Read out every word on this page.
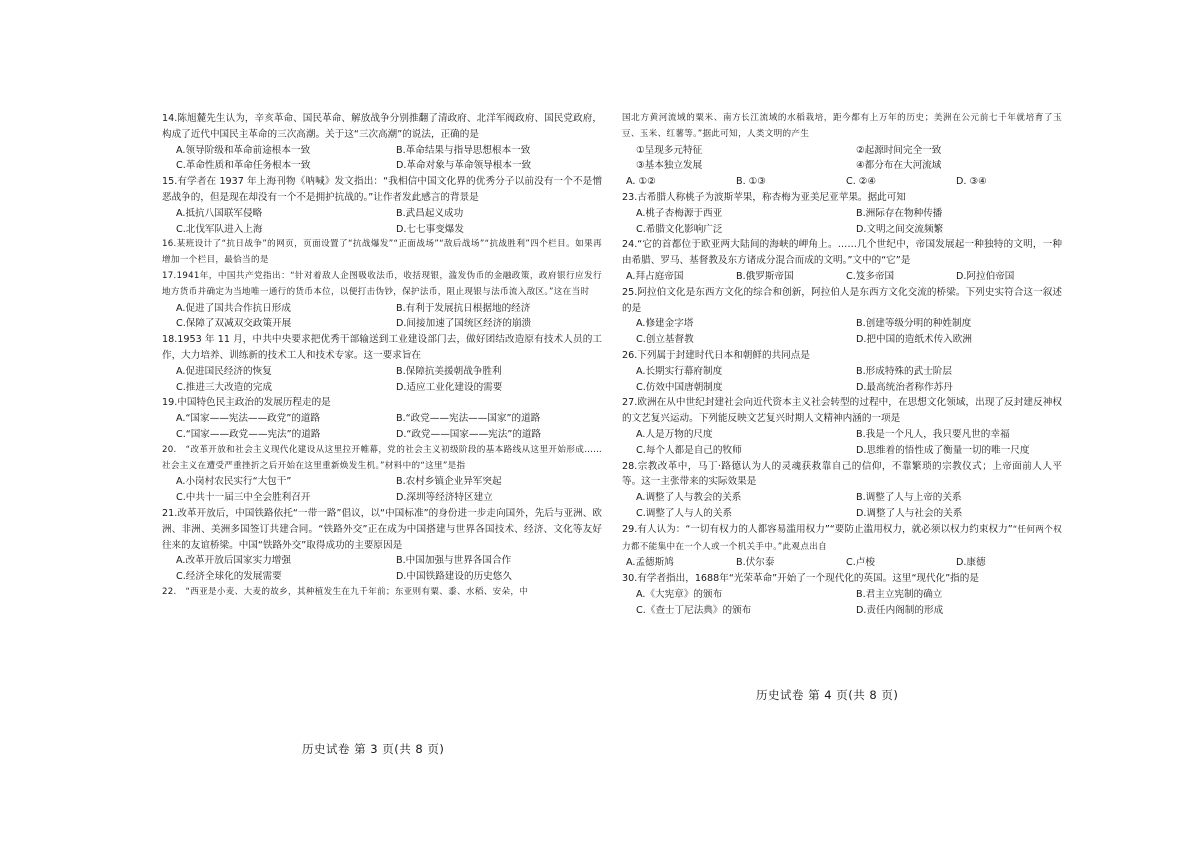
14.陈旭麓先生认为，辛亥革命、国民革命、解放战争分别推翻了清政府、北洋军阀政府、国民党政府，构成了近代中国民主革命的三次高潮。关于这“三次高潮”的说法，正确的是
A.领导阶级和革命前途根本一致	B.革命结果与指导思想根本一致
C.革命性质和革命任务根本一致	D.革命对象与革命领导根本一致
15.有学者在 1937 年上海刊物《呐喊》发文指出：“我相信中国文化界的优秀分子以前没有一个不是憎恶战争的，但是现在却没有一个不是拥护抗战的。”让作者发此感言的背景是
A.抵抗八国联军侵略	B.武昌起义成功
C.北伐军队进入上海	D.七七事变爆发
16.某班设计了“抗日战争”的网页，页面设置了“抗战爆发”“正面战场”“敌后战场”“抗战胜利”四个栏目。如果再增加一个栏目，最恰当的是
17.1941年，中国共产党指出：“针对着敌人企图吸收法币，收括现银，滥发伪币的金融政策，政府银行应发行地方货币并确定为当地唯一通行的货币本位，以便打击伪钞，保护法币，阻止现银与法币流入敌区。”这在当时
A.促进了国共合作抗日形成	B.有利于发展抗日根据地的经济
C.保障了双减双交政策开展	D.间接加速了国统区经济的崩溃
18.1953 年 11 月，中共中央要求把优秀干部输送到工业建设部门去，做好团结改造原有技术人员的工作，大力培养、训练新的技术工人和技术专家。这一要求旨在
A.促进国民经济的恢复	B.保障抗美援朝战争胜利
C.推进三大改造的完成	D.适应工业化建设的需要
19.中国特色民主政治的发展历程走的是
A.“国家——宪法——政党”的道路	B.“政党——宪法——国家”的道路
C.“国家——政党——宪法”的道路	D.“政党——国家——宪法”的道路
20.　“改革开放和社会主义现代化建设从这里拉开帷幕，党的社会主义初级阶段的基本路线从这里开始形成……社会主义在遭受严重挫折之后开始在这里重新焕发生机。”材料中的“这里”是指
A.小岗村农民实行“大包干”	B.农村乡镇企业异军突起
C.中共十一届三中全会胜利召开	D.深圳等经济特区建立
21.改革开放后，中国铁路依托“一带一路”倡议，以“中国标准”的身份进一步走向国外，先后与亚洲、欧洲、非洲、美洲多国签订共建合同。“铁路外交”正在成为中国搭建与世界各国技术、经济、文化等友好往来的友谊桥梁。中国“铁路外交”取得成功的主要原因是
A.改革开放后国家实力增强	B.中国加强与世界各国合作
C.经济全球化的发展需要	D.中国铁路建设的历史悠久
22.　“西亚是小麦、大麦的故乡，其种植发生在九千年前；东亚则有粟、黍、水稻、安朵，中
历史试卷 第 3 页(共 8 页)
国北方黄河流域的粟米、南方长江流域的水稻栽培，距今都有上万年的历史；美洲在公元前七千年就培育了玉豆、玉米、红薯等。”据此可知，人类文明的产生
①呈现多元特征	②起源时间完全一致
③基本独立发展	④都分布在大河流域
A. ①②	B. ①③	C. ②④	D. ③④
23.古希腊人称桃子为波斯苹果，称杏梅为亚美尼亚苹果。据此可知
A.桃子杏梅源于西亚	B.洲际存在物种传播
C.希腊文化影响广泛	D.文明之间交流频繁
24.“它的首都位于欧亚两大陆间的海峡的岬角上。……几个世纪中，帝国发展起一种独特的文明，一种由希腊、罗马、基督教及东方诸成分混合而成的文明。”文中的“它”是
A.拜占庭帝国	B.俄罗斯帝国	C.笈多帝国	D.阿拉伯帝国
25.阿拉伯文化是东西方文化的综合和创新，阿拉伯人是东西方文化交流的桥梁。下列史实符合这一叙述的是
A.修建金字塔	B.创建等级分明的种姓制度
C.创立基督教	D.把中国的造纸术传入欧洲
26.下列属于封建时代日本和朝鲜的共同点是
A.长期实行幕府制度	B.形成特殊的武士阶层
C.仿效中国唐朝制度	D.最高统治者称作苏丹
27.欧洲在从中世纪封建社会向近代资本主义社会转型的过程中，在思想文化领域，出现了反封建反神权的文艺复兴运动。下列能反映文艺复兴时期人文精神内涵的一项是
A.人是万物的尺度	B.我是一个凡人，我只要凡世的幸福
C.每个人都是自己的牧师	D.思维着的悟性成了衡量一切的唯一尺度
28.宗教改革中，马丁·路德认为人的灵魂获救靠自己的信仰，不靠繁琐的宗教仪式；上帝面前人人平等。这一主张带来的实际效果是
A.调整了人与教会的关系	B.调整了人与上帝的关系
C.调整了人与人的关系	D.调整了人与社会的关系
29.有人认为：“一切有权力的人都容易滥用权力”“要防止滥用权力，就必须以权力约束权力”“任何两个权力都不能集中在一个人或一个机关手中。”此观点出自
A.孟德斯鸠	B.伏尔泰	C.卢梭	D.康德
30.有学者指出，1688年“光荣革命”开始了一个现代化的英国。这里“现代化”指的是
A.《大宪章》的颁布	B.君主立宪制的确立
C.《查士丁尼法典》的颁布	D.责任内阁制的形成
历史试卷 第 4 页(共 8 页)
